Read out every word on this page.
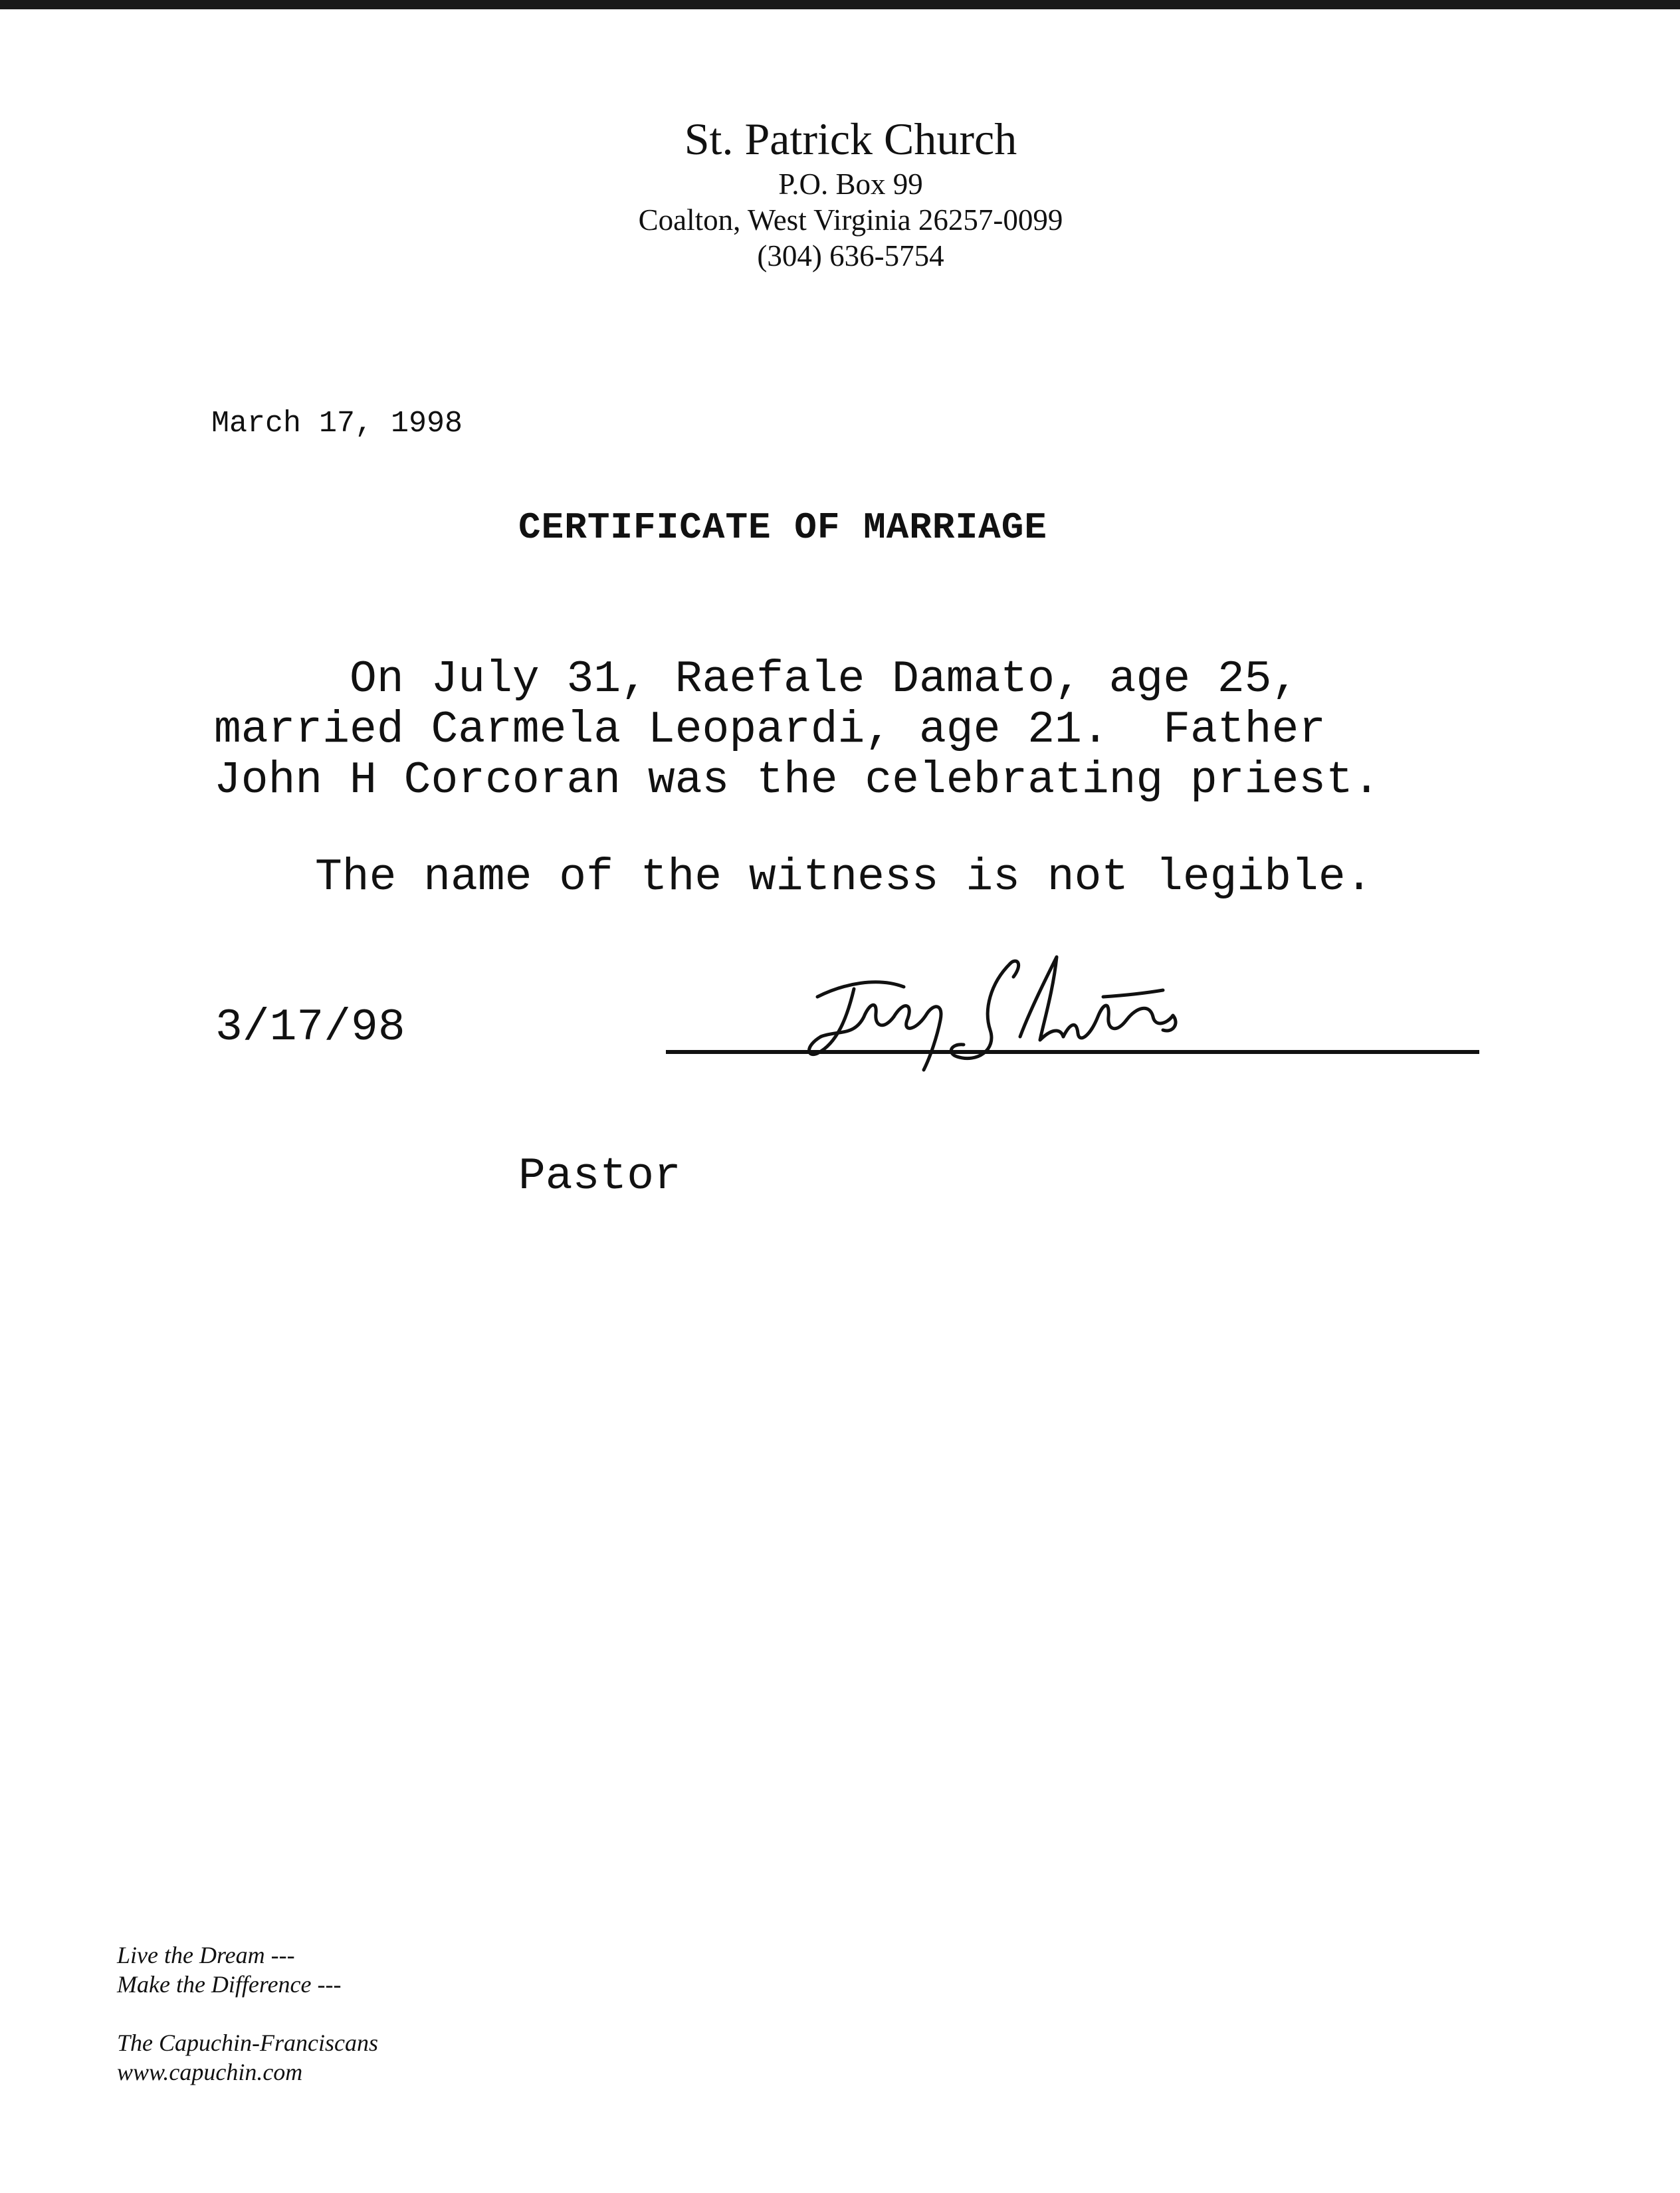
St. Patrick Church
P.O. Box 99
Coalton, West Virginia 26257-0099
(304) 636-5754
March 17, 1998
CERTIFICATE OF MARRIAGE
On July 31, Raefale Damato, age 25,
married Carmela Leopardi, age 21.  Father
John H Corcoran was the celebrating priest.
The name of the witness is not legible.
3/17/98
Pastor
Live the Dream ---
Make the Difference ---
The Capuchin-Franciscans
www.capuchin.com
